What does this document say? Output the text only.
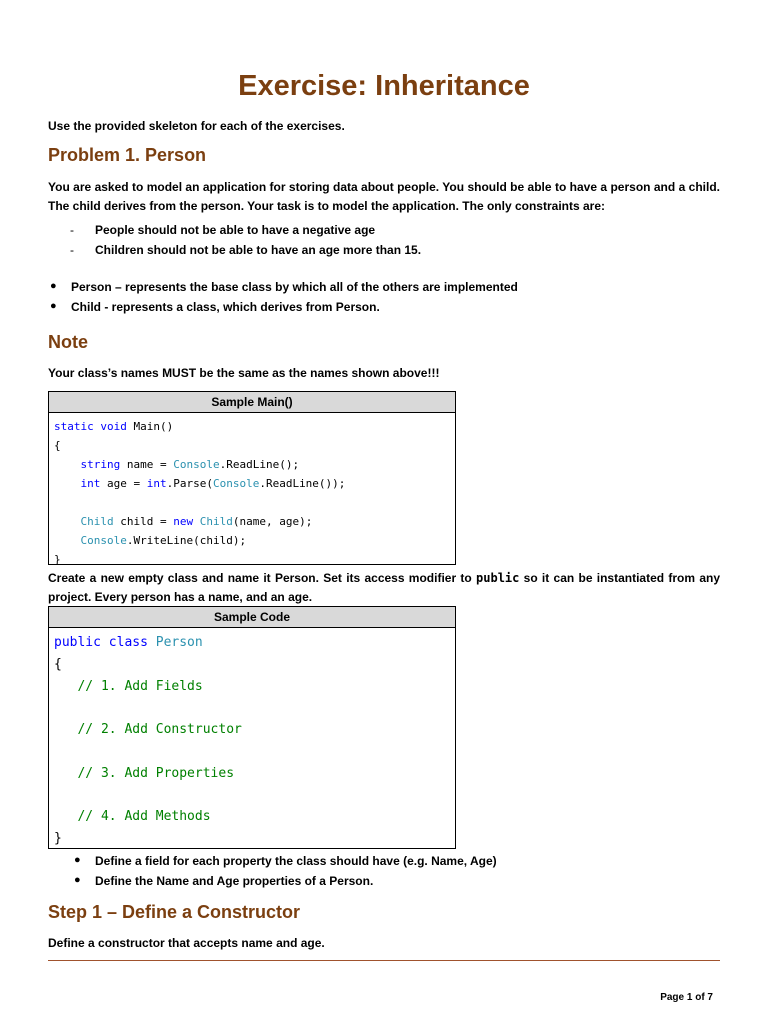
Exercise: Inheritance
Use the provided skeleton for each of the exercises.
Problem 1. Person
You are asked to model an application for storing data about people. You should be able to have a person and a child. The child derives from the person. Your task is to model the application. The only constraints are:
- People should not be able to have a negative age
- Children should not be able to have an age more than 15.
● Person – represents the base class by which all of the others are implemented
● Child - represents a class, which derives from Person.
Note
Your class’s names MUST be the same as the names shown above!!!
Sample Main()
static void Main()
{
string name = Console.ReadLine();
int age = int.Parse(Console.ReadLine());

Child child = new Child(name, age);
Console.WriteLine(child);
}
Create a new empty class and name it Person. Set its access modifier to public so it can be instantiated from any project. Every person has a name, and an age.
Sample Code
public class Person
{
// 1. Add Fields

// 2. Add Constructor

// 3. Add Properties

// 4. Add Methods
}
● Define a field for each property the class should have (e.g. Name, Age)
● Define the Name and Age properties of a Person.
Step 1 – Define a Constructor
Define a constructor that accepts name and age.
Page 1 of 7
